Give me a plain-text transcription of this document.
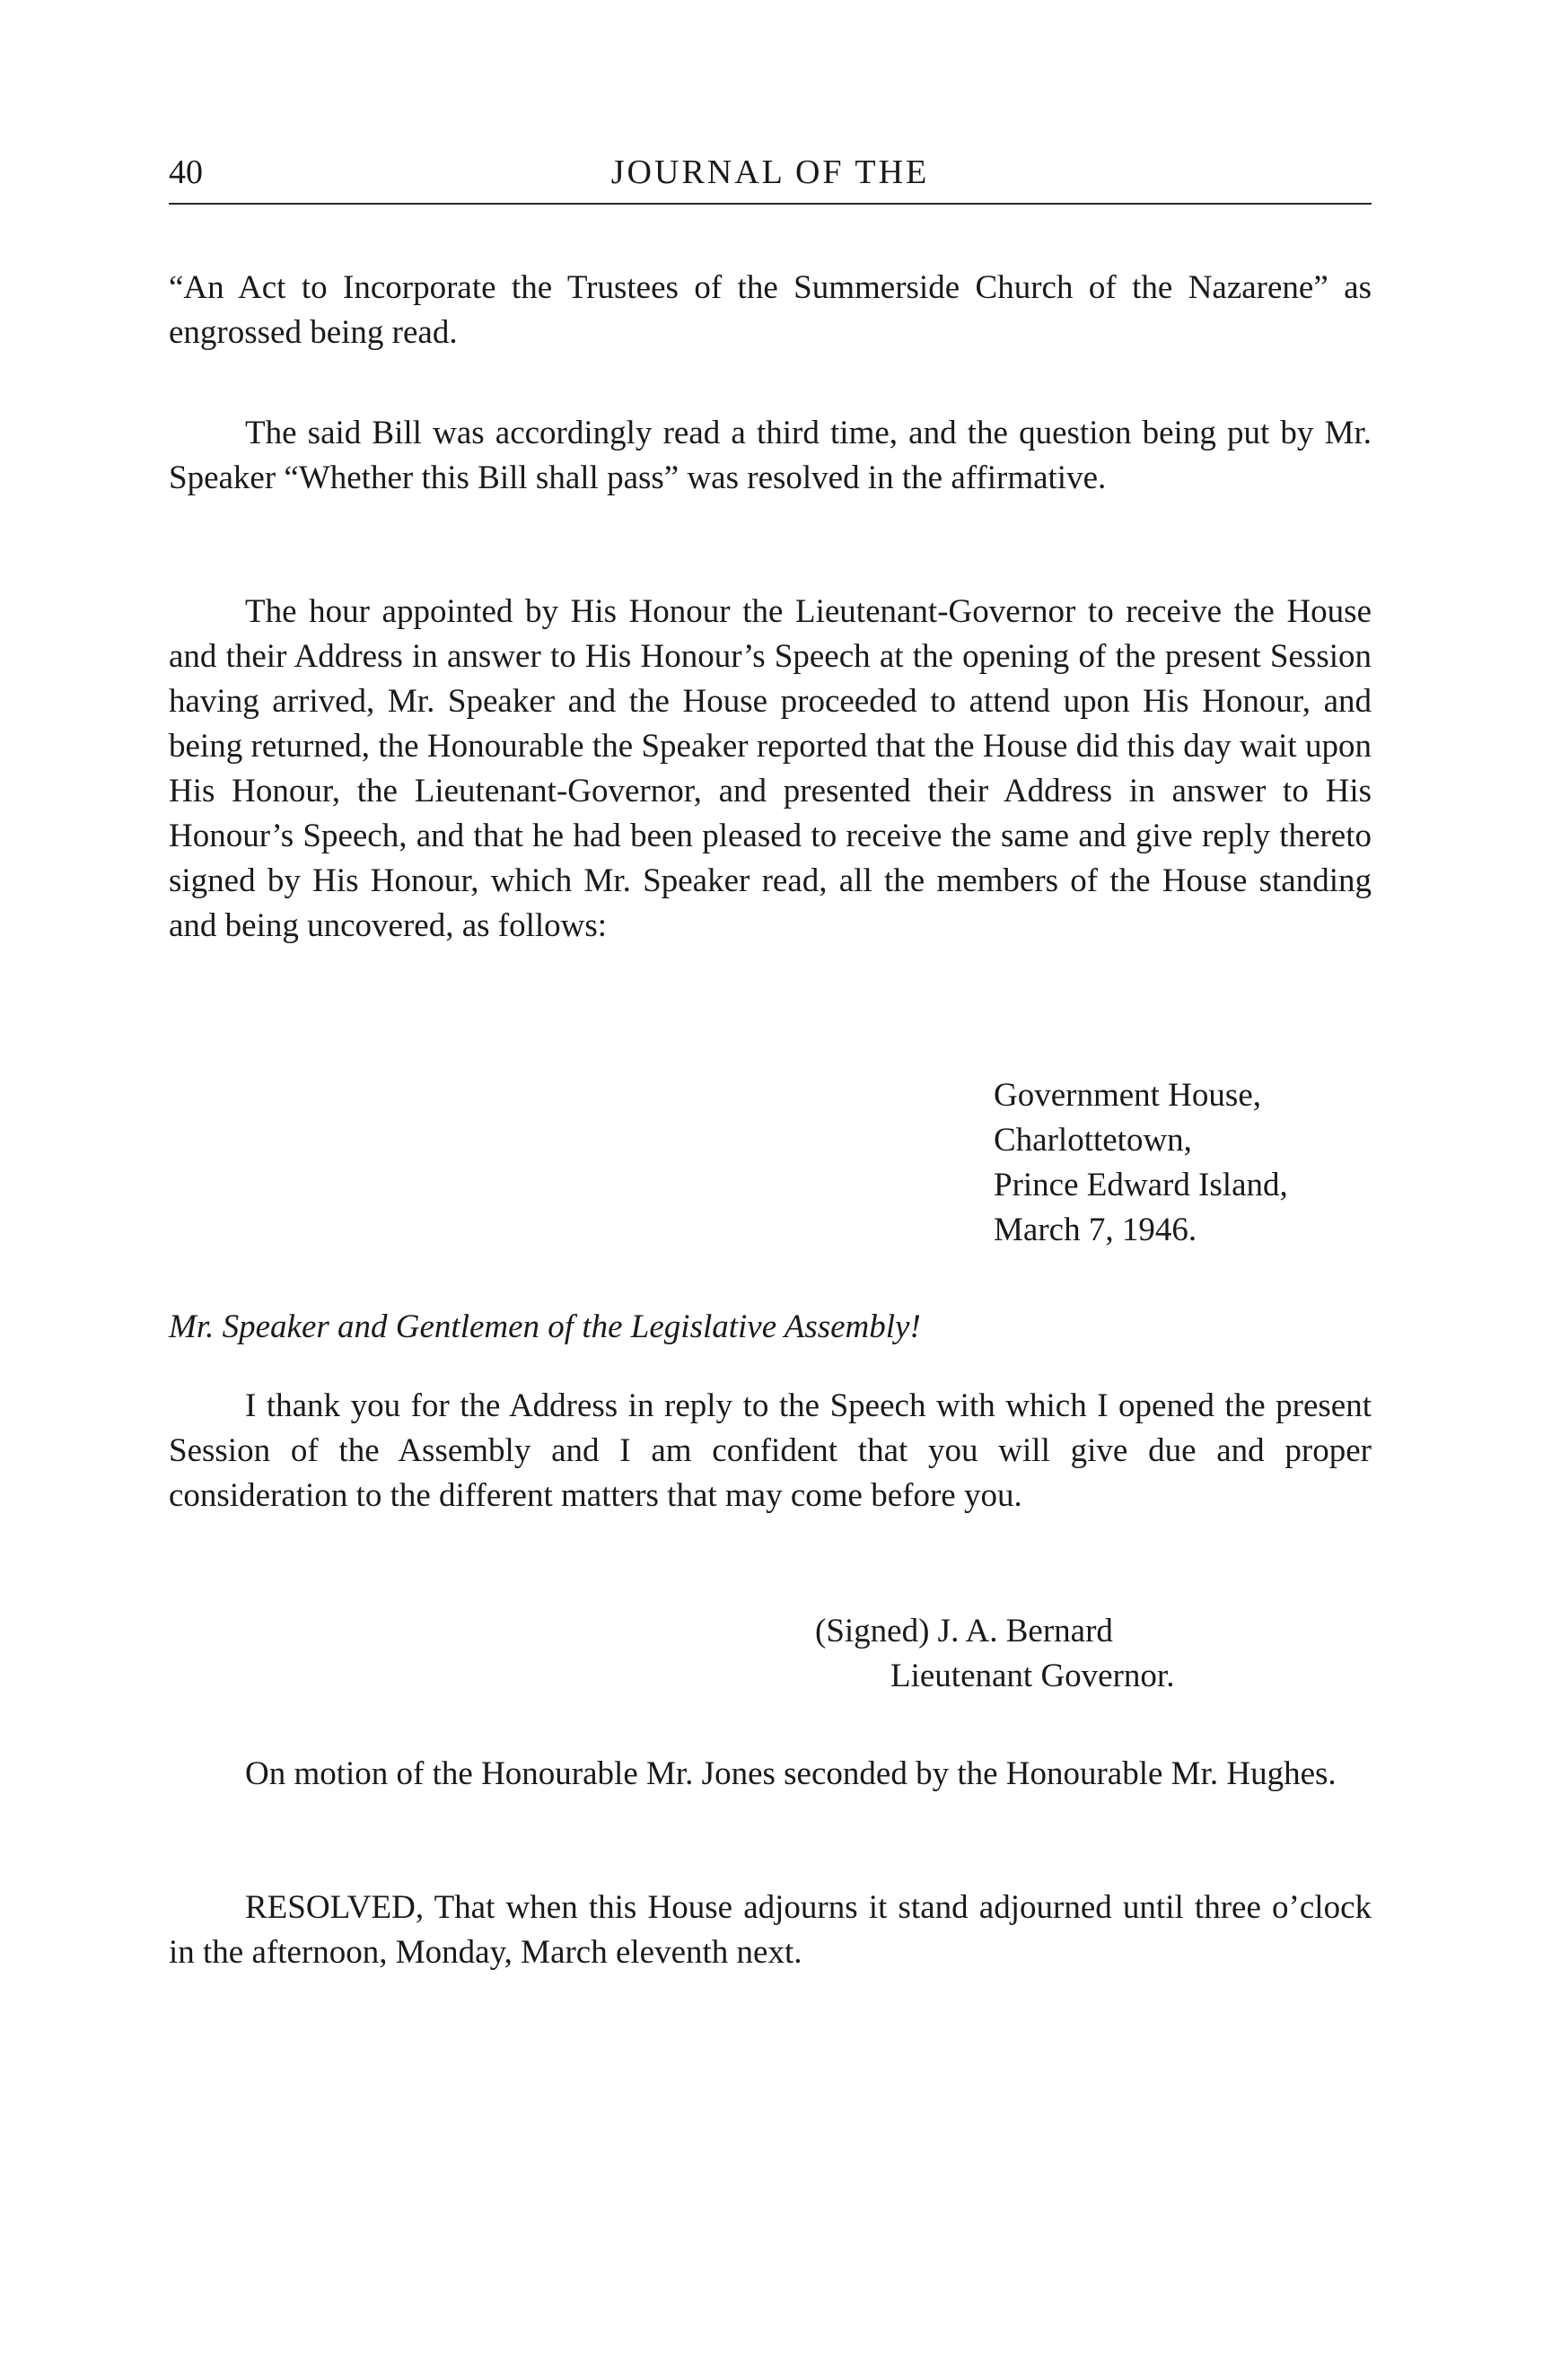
40	JOURNAL OF THE

“An Act to Incorporate the Trustees of the Summerside Church of the Nazarene” as engrossed being read.

The said Bill was accordingly read a third time, and the question being put by Mr. Speaker “Whether this Bill shall pass” was resolved in the affirmative.

The hour appointed by His Honour the Lieutenant-Governor to receive the House and their Address in answer to His Honour’s Speech at the opening of the present Session having arrived, Mr. Speaker and the House proceeded to attend upon His Honour, and being returned, the Honourable the Speaker reported that the House did this day wait upon His Honour, the Lieutenant-Governor, and presented their Address in answer to His Honour’s Speech, and that he had been pleased to receive the same and give reply thereto signed by His Honour, which Mr. Speaker read, all the members of the House standing and being uncovered, as follows:

Government House,
Charlottetown,
Prince Edward Island,
March 7, 1946.

Mr. Speaker and Gentlemen of the Legislative Assembly!

I thank you for the Address in reply to the Speech with which I opened the present Session of the Assembly and I am confident that you will give due and proper consideration to the different matters that may come before you.

(Signed) J. A. Bernard
Lieutenant Governor.

On motion of the Honourable Mr. Jones seconded by the Honourable Mr. Hughes.

RESOLVED, That when this House adjourns it stand adjourned until three o’clock in the afternoon, Monday, March eleventh next.
